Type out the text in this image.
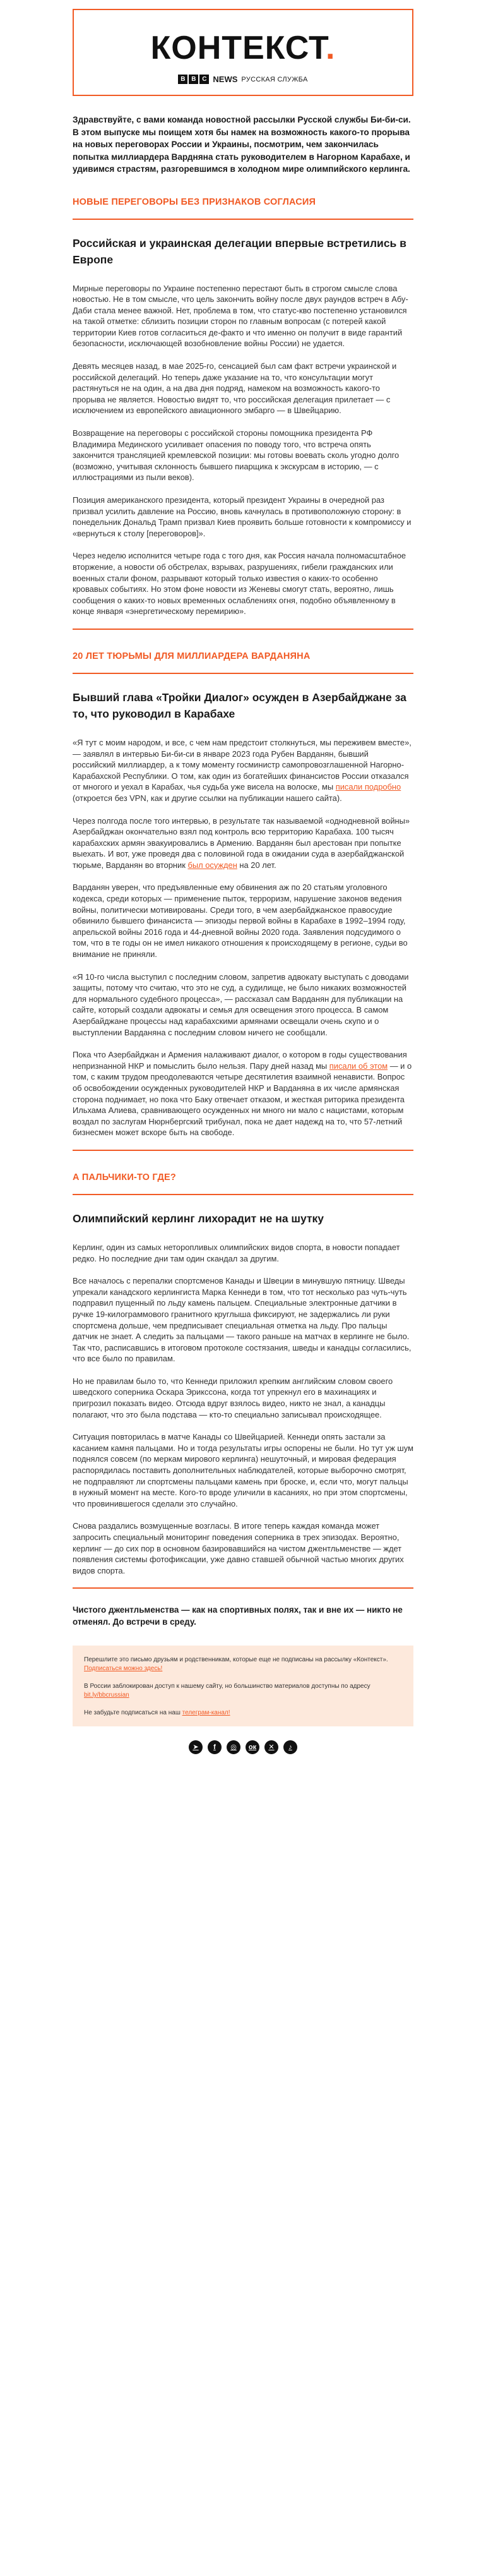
КОНТЕКСТ.
B B C NEWS РУССКАЯ СЛУЖБА
Здравствуйте, с вами команда новостной рассылки Русской службы Би-би-си. В этом выпуске мы поищем хотя бы намек на возможность какого-то прорыва на новых переговорах России и Украины, посмотрим, чем закончилась попытка миллиардера Вардняна стать руководителем в Нагорном Карабахе, и удивимся страстям, разгоревшимся в холодном мире олимпийского керлинга.
НОВЫЕ ПЕРЕГОВОРЫ БЕЗ ПРИЗНАКОВ СОГЛАСИЯ
Российская и украинская делегации впервые встретились в Европе

Мирные переговоры по Украине постепенно перестают быть в строгом смысле слова новостью. Не в том смысле, что цель закончить войну после двух раундов встреч в Абу-Даби стала менее важной. Нет, проблема в том, что статус-кво постепенно установился на такой отметке: сблизить позиции сторон по главным вопросам (с потерей какой территории Киев готов согласиться де-факто и что именно он получит в виде гарантий безопасности, исключающей возобновление войны России) не удается.

Девять месяцев назад, в мае 2025-го, сенсацией был сам факт встречи украинской и российской делегаций. Но теперь даже указание на то, что консультации могут растянуться не на один, а на два дня подряд, намеком на возможность какого-то прорыва не является. Новостью видят то, что российская делегация прилетает — с исключением из европейского авиационного эмбарго — в Швейцарию.

Возвращение на переговоры с российской стороны помощника президента РФ Владимира Мединского усиливает опасения по поводу того, что встреча опять закончится трансляцией кремлевской позиции: мы готовы воевать сколь угодно долго (возможно, учитывая склонность бывшего пиарщика к экскурсам в историю, — с иллюстрациями из пыли веков).

Позиция американского президента, который президент Украины в очередной раз призвал усилить давление на Россию, вновь качнулась в противоположную сторону: в понедельник Дональд Трамп призвал Киев проявить больше готовности к компромиссу и «вернуться к столу [переговоров]».

Через неделю исполнится четыре года с того дня, как Россия начала полномасштабное вторжение, а новости об обстрелах, взрывах, разрушениях, гибели гражданских или военных стали фоном, разрывают который только известия о каких-то особенно кровавых событиях. Но этом фоне новости из Женевы смогут стать, вероятно, лишь сообщения о каких-то новых временных ослаблениях огня, подобно объявленному в конце января «энергетическому перемирию».

20 ЛЕТ ТЮРЬМЫ ДЛЯ МИЛЛИАРДЕРА ВАРДАНЯНА
Бывший глава «Тройки Диалог» осужден в Азербайджане за то, что руководил в Карабахе

«Я тут с моим народом, и все, с чем нам предстоит столкнуться, мы переживем вместе», — заявлял в интервью Би-би-си в январе 2023 года Рубен Варданян, бывший российский миллиардер, а к тому моменту госминистр самопровозглашенной Нагорно-Карабахской Республики. О том, как один из богатейших финансистов России отказался от многого и уехал в Карабах, чья судьба уже висела на волоске, мы писали подробно (откроется без VPN, как и другие ссылки на публикации нашего сайта).

Через полгода после того интервью, в результате так называемой «однодневной войны» Азербайджан окончательно взял под контроль всю территорию Карабаха. 100 тысяч карабахских армян эвакуировались в Армению. Варданян был арестован при попытке выехать. И вот, уже проведя два с половиной года в ожидании суда в азербайджанской тюрьме, Варданян во вторник был осужден на 20 лет.

Варданян уверен, что предъявленные ему обвинения аж по 20 статьям уголовного кодекса, среди которых — применение пыток, терроризм, нарушение законов ведения войны, политически мотивированы. Среди того, в чем азербайджанское правосудие обвинило бывшего финансиста — эпизоды первой войны в Карабахе в 1992–1994 году, апрельской войны 2016 года и 44-дневной войны 2020 года. Заявления подсудимого о том, что в те годы он не имел никакого отношения к происходящему в регионе, судьи во внимание не приняли.

«Я 10-го числа выступил с последним словом, запретив адвокату выступать с доводами защиты, потому что считаю, что это не суд, а судилище, не было никаких возможностей для нормального судебного процесса», — рассказал сам Варданян для публикации на сайте, который создали адвокаты и семья для освещения этого процесса. В самом Азербайджане процессы над карабахскими армянами освещали очень скупо и о выступлении Варданяна с последним словом ничего не сообщали.

Пока что Азербайджан и Армения налаживают диалог, о котором в годы существования непризнанной НКР и помыслить было нельзя. Пару дней назад мы писали об этом — и о том, с каким трудом преодолеваются четыре десятилетия взаимной ненависти. Вопрос об освобождении осужденных руководителей НКР и Варданяна в их числе армянская сторона поднимает, но пока что Баку отвечает отказом, и жесткая риторика президента Ильхама Алиева, сравнивающего осужденных ни много ни мало с нацистами, которым воздал по заслугам Нюрнбергский трибунал, пока не дает надежд на то, что 57-летний бизнесмен может вскоре быть на свободе.

А ПАЛЬЧИКИ-ТО ГДЕ?
Олимпийский керлинг лихорадит не на шутку

Керлинг, один из самых неторопливых олимпийских видов спорта, в новости попадает редко. Но последние дни там один скандал за другим.

Все началось с перепалки спортсменов Канады и Швеции в минувшую пятницу. Шведы упрекали канадского керлингиста Марка Кеннеди в том, что тот несколько раз чуть-чуть подправил пущенный по льду камень пальцем. Специальные электронные датчики в ручке 19-килограммового гранитного круглыша фиксируют, не задержались ли руки спортсмена дольше, чем предписывает специальная отметка на льду. Про пальцы датчик не знает. А следить за пальцами — такого раньше на матчах в керлинге не было. Так что, расписавшись в итоговом протоколе состязания, шведы и канадцы согласились, что все было по правилам.

Но не правилам было то, что Кеннеди приложил крепким английским словом своего шведского соперника Оскара Эрикссона, когда тот упрекнул его в махинациях и пригрозил показать видео. Отсюда вдруг взялось видео, никто не знал, а канадцы полагают, что это была подстава — кто-то специально записывал происходящее.

Ситуация повторилась в матче Канады со Швейцарией. Кеннеди опять застали за касанием камня пальцами. Но и тогда результаты игры оспорены не были. Но тут уж шум поднялся совсем (по меркам мирового керлинга) нешуточный, и мировая федерация распорядилась поставить дополнительных наблюдателей, которые выборочно смотрят, не подправляют ли спортсмены пальцами камень при броске, и, если что, могут пальцы в нужный момент на месте. Кого-то вроде уличили в касаниях, но при этом спортсмены, что провинившегося сделали это случайно.

Снова раздались возмущенные возгласы. В итоге теперь каждая команда может запросить специальный мониторинг поведения соперника в трех эпизодах. Вероятно, керлинг — до сих пор в основном базировавшийся на чистом джентльменстве — ждет появления системы фотофиксации, уже давно ставшей обычной частью многих других видов спорта.

Чистого джентльменства — как на спортивных полях, так и вне их — никто не отменял. До встречи в среду.

Перешлите это письмо друзьям и родственникам, которые еще не подписаны на рассылку «Контекст». Подписаться можно здесь!

В России заблокирован доступ к нашему сайту, но большинство материалов доступны по адресу bit.ly/bbcrussian

Не забудьте подписаться на наш телеграм-канал!

➤	f	◎	ок	✕	♪
